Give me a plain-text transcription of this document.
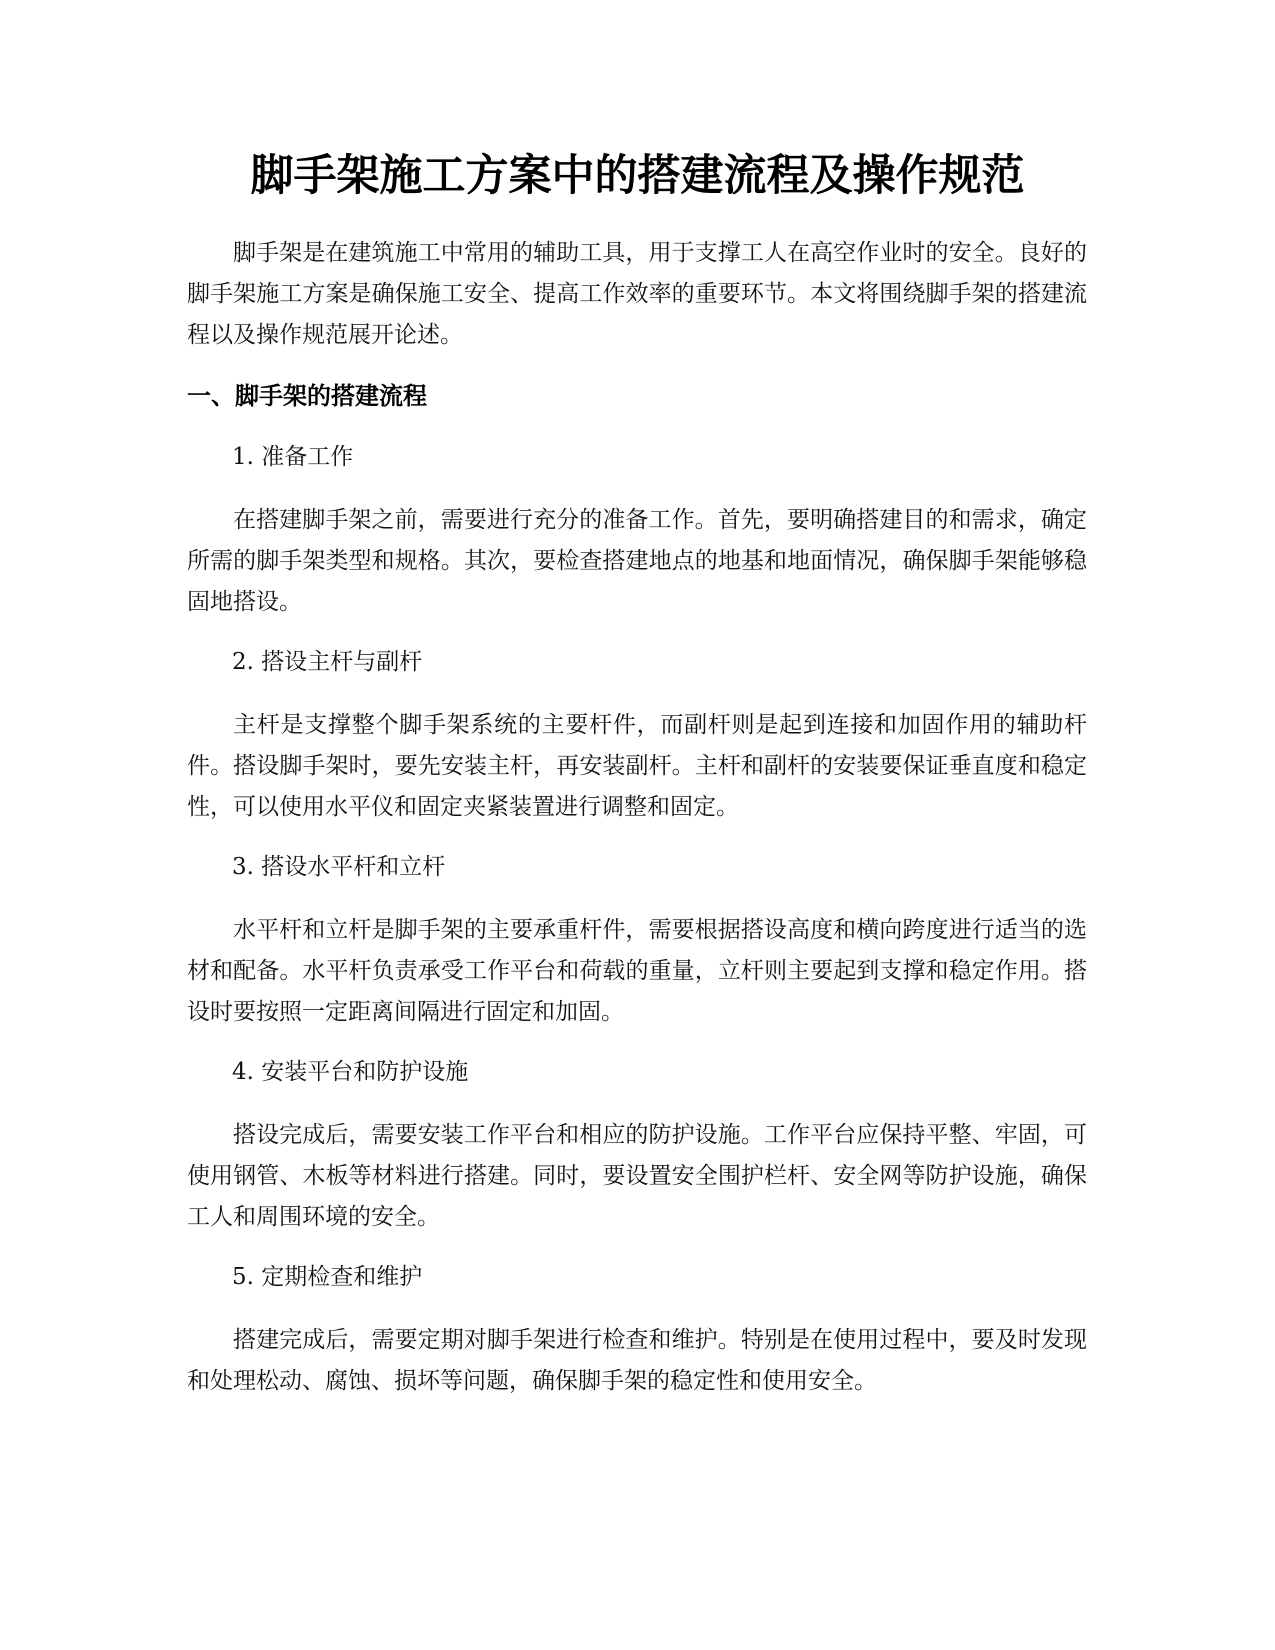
脚手架施工方案中的搭建流程及操作规范

脚手架是在建筑施工中常用的辅助工具，用于支撑工人在高空作业时的安全。良好的脚手架施工方案是确保施工安全、提高工作效率的重要环节。本文将围绕脚手架的搭建流程以及操作规范展开论述。

一、脚手架的搭建流程
1. 准备工作

在搭建脚手架之前，需要进行充分的准备工作。首先，要明确搭建目的和需求，确定所需的脚手架类型和规格。其次，要检查搭建地点的地基和地面情况，确保脚手架能够稳固地搭设。

2. 搭设主杆与副杆

主杆是支撑整个脚手架系统的主要杆件，而副杆则是起到连接和加固作用的辅助杆件。搭设脚手架时，要先安装主杆，再安装副杆。主杆和副杆的安装要保证垂直度和稳定性，可以使用水平仪和固定夹紧装置进行调整和固定。

3. 搭设水平杆和立杆

水平杆和立杆是脚手架的主要承重杆件，需要根据搭设高度和横向跨度进行适当的选材和配备。水平杆负责承受工作平台和荷载的重量，立杆则主要起到支撑和稳定作用。搭设时要按照一定距离间隔进行固定和加固。

4. 安装平台和防护设施

搭设完成后，需要安装工作平台和相应的防护设施。工作平台应保持平整、牢固，可使用钢管、木板等材料进行搭建。同时，要设置安全围护栏杆、安全网等防护设施，确保工人和周围环境的安全。

5. 定期检查和维护

搭建完成后，需要定期对脚手架进行检查和维护。特别是在使用过程中，要及时发现和处理松动、腐蚀、损坏等问题，确保脚手架的稳定性和使用安全。
